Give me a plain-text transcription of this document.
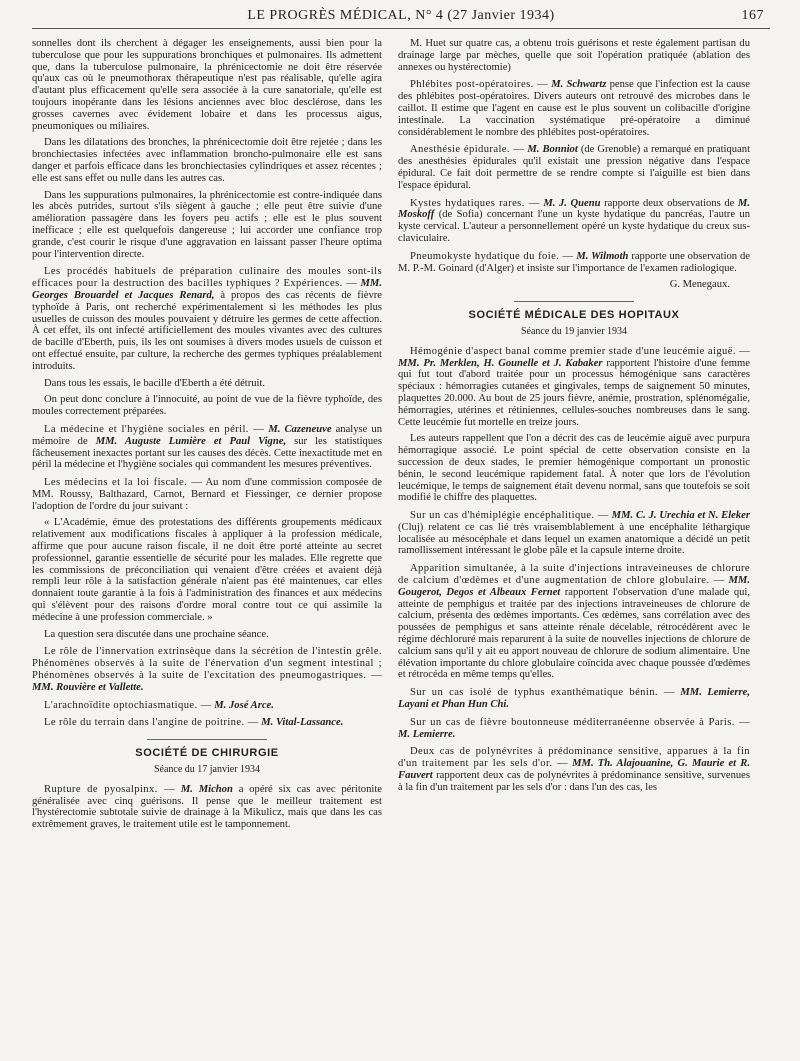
LE PROGRÈS MÉDICAL, N° 4 (27 Janvier 1934)	167

sonnelles dont ils cherchent à dégager les enseignements, aussi bien pour la tuberculose que pour les suppurations bronchiques et pulmonaires. Ils admettent que, dans la tuberculose pulmonaire, la phrénicectomie ne doit être réservée qu'aux cas où le pneumothorax thérapeutique n'est pas réalisable, qu'elle agira d'autant plus efficacement qu'elle sera associée à la cure sanatoriale, qu'elle est toujours inopérante dans les lésions anciennes avec bloc desclérose, dans les grosses cavernes avec évidement lobaire et dans les processus aigus, pneumoniques ou miliaires.

Dans les dilatations des bronches, la phrénicectomie doit être rejetée ; dans les bronchiectasies infectées avec inflammation broncho-pulmonaire elle est sans danger et parfois efficace dans les bronchiectasies cylindriques et assez récentes ; elle est sans effet ou nulle dans les autres cas.

Dans les suppurations pulmonaires, la phrénicectomie est contre-indiquée dans les abcès putrides, surtout s'ils siègent à gauche ; elle peut être suivie d'une amélioration passagère dans les foyers peu actifs ; elle est le plus souvent inefficace ; elle est quelquefois dangereuse ; lui accorder une confiance trop grande, c'est courir le risque d'une aggravation en laissant passer l'heure optima pour l'intervention directe.

Les procédés habituels de préparation culinaire des moules sont-ils efficaces pour la destruction des bacilles typhiques ? Expériences. — MM. Georges Brouardel et Jacques Renard, à propos des cas récents de fièvre typhoïde à Paris, ont recherché expérimentalement si les méthodes les plus usuelles de cuisson des moules pouvaient y détruire les germes de cette affection. À cet effet, ils ont infecté artificiellement des moules vivantes avec des cultures de bacille d'Eberth, puis, ils les ont soumises à divers modes usuels de cuisson et ont effectué ensuite, par culture, la recherche des germes typhiques préalablement introduits.

Dans tous les essais, le bacille d'Eberth a été détruit.

On peut donc conclure à l'innocuité, au point de vue de la fièvre typhoïde, des moules correctement préparées.

La médecine et l'hygiène sociales en péril. — M. Cazeneuve analyse un mémoire de MM. Auguste Lumière et Paul Vigne, sur les statistiques fâcheusement inexactes portant sur les causes des décès. Cette inexactitude met en péril la médecine et l'hygiène sociales qui commandent les mesures préventives.

Les médecins et la loi fiscale. — Au nom d'une commission composée de MM. Roussy, Balthazard, Carnot, Bernard et Fiessinger, ce dernier propose l'adoption de l'ordre du jour suivant :

« L'Académie, émue des protestations des différents groupements médicaux relativement aux modifications fiscales à appliquer à la profession médicale, affirme que pour aucune raison fiscale, il ne doit être porté atteinte au secret professionnel, garantie essentielle de sécurité pour les malades. Elle regrette que les commissions de préconciliation qui venaient d'être créées et avaient déjà rempli leur rôle à la satisfaction générale n'aient pas été maintenues, car elles donnaient toute garantie à la fois à l'administration des finances et aux médecins qui s'élèvent pour des raisons d'ordre moral contre tout ce qui assimile la médecine à une profession commerciale. »

La question sera discutée dans une prochaine séance.

Le rôle de l'innervation extrinsèque dans la sécrétion de l'intestin grêle. Phénomènes observés à la suite de l'énervation d'un segment intestinal ; Phénomènes observés à la suite de l'excitation des pneumogastriques. — MM. Rouvière et Vallette.

L'arachnoïdite optochiasmatique. — M. José Arce.

Le rôle du terrain dans l'angine de poitrine. — M. Vital-Lassance.

SOCIÉTÉ DE CHIRURGIE
Séance du 17 janvier 1934

Rupture de pyosalpinx. — M. Michon a opéré six cas avec péritonite généralisée avec cinq guérisons. Il pense que le meilleur traitement est l'hystérectomie subtotale suivie de drainage à la Mikulicz, mais que dans les cas extrêmement graves, le traitement utile est le tamponnement.

M. Huet sur quatre cas, a obtenu trois guérisons et reste également partisan du drainage large par mèches, quelle que soit l'opération pratiquée (ablation des annexes ou hystérectomie)

Phlébites post-opératoires. — M. Schwartz pense que l'infection est la cause des phlébites post-opératoires. Divers auteurs ont retrouvé des microbes dans le caillot. Il estime que l'agent en cause est le plus souvent un colibacille d'origine intestinale. La vaccination systématique pré-opératoire a diminué considérablement le nombre des phlébites post-opératoires.

Anesthésie épidurale. — M. Bonniot (de Grenoble) a remarqué en pratiquant des anesthésies épidurales qu'il existait une pression négative dans l'espace épidural. Ce fait doit permettre de se rendre compte si l'aiguille est bien dans l'espace épidural.

Kystes hydatiques rares. — M. J. Quenu rapporte deux observations de M. Moskoff (de Sofia) concernant l'une un kyste hydatique du pancréas, l'autre un kyste cervical. L'auteur a personnellement opéré un kyste hydatique du creux sus-claviculaire.

Pneumokyste hydatique du foie. — M. Wilmoth rapporte une observation de M. P.-M. Goinard (d'Alger) et insiste sur l'importance de l'examen radiologique.

G. Menegaux.
SOCIÉTÉ MÉDICALE DES HOPITAUX
Séance du 19 janvier 1934

Hémogénie d'aspect banal comme premier stade d'une leucémie aiguë. — MM. Pr. Merklen, H. Gounelle et J. Kabaker rapportent l'histoire d'une femme qui fut tout d'abord traitée pour un processus hémogénique sans caractères spéciaux : hémorragies cutanées et gingivales, temps de saignement 50 minutes, plaquettes 20.000. Au bout de 25 jours fièvre, anémie, prostration, splénomégalie, hémorragies, utérines et rétiniennes, cellules-souches nombreuses dans le sang. Cette leucémie fut mortelle en treize jours.

Les auteurs rappellent que l'on a décrit des cas de leucémie aiguë avec purpura hémorragique associé. Le point spécial de cette observation consiste en la succession de deux stades, le premier hémogénique comportant un pronostic bénin, le second leucémique rapidement fatal. À noter que lors de l'évolution leucémique, le temps de saignement était devenu normal, sans que toutefois se soit modifié le chiffre des plaquettes.

Sur un cas d'hémiplégie encéphalitique. — MM. C. J. Urechia et N. Eleker (Cluj) relatent ce cas lié très vraisemblablement à une encéphalite léthargique localisée au mésocéphale et dans lequel un examen anatomique a décidé un petit ramollissement intéressant le globe pâle et la capsule interne droite.

Apparition simultanée, à la suite d'injections intraveineuses de chlorure de calcium d'œdèmes et d'une augmentation de chlore globulaire. — MM. Gougerot, Degos et Albeaux Fernet rapportent l'observation d'une malade qui, atteinte de pemphigus et traitée par des injections intraveineuses de chlorure de calcium, présenta des œdèmes importants. Ces œdèmes, sans corrélation avec des poussées de pemphigus et sans atteinte rénale décelable, rétrocédèrent avec le régime déchloruré mais reparurent à la suite de nouvelles injections de chlorure de calcium sans qu'il y ait eu apport nouveau de chlorure de sodium alimentaire. Une élévation importante du chlore globulaire coïncida avec chaque poussée d'œdèmes et rétrocéda en même temps qu'elles.

Sur un cas isolé de typhus exanthématique bénin. — MM. Lemierre, Layani et Phan Hun Chi.

Sur un cas de fièvre boutonneuse méditerranéenne observée à Paris. — M. Lemierre.

Deux cas de polynévrites à prédominance sensitive, apparues à la fin d'un traitement par les sels d'or. — MM. Th. Alajouanine, G. Maurie et R. Fauvert rapportent deux cas de polynévrites à prédominance sensitive, survenues à la fin d'un traitement par les sels d'or : dans l'un des cas, les
